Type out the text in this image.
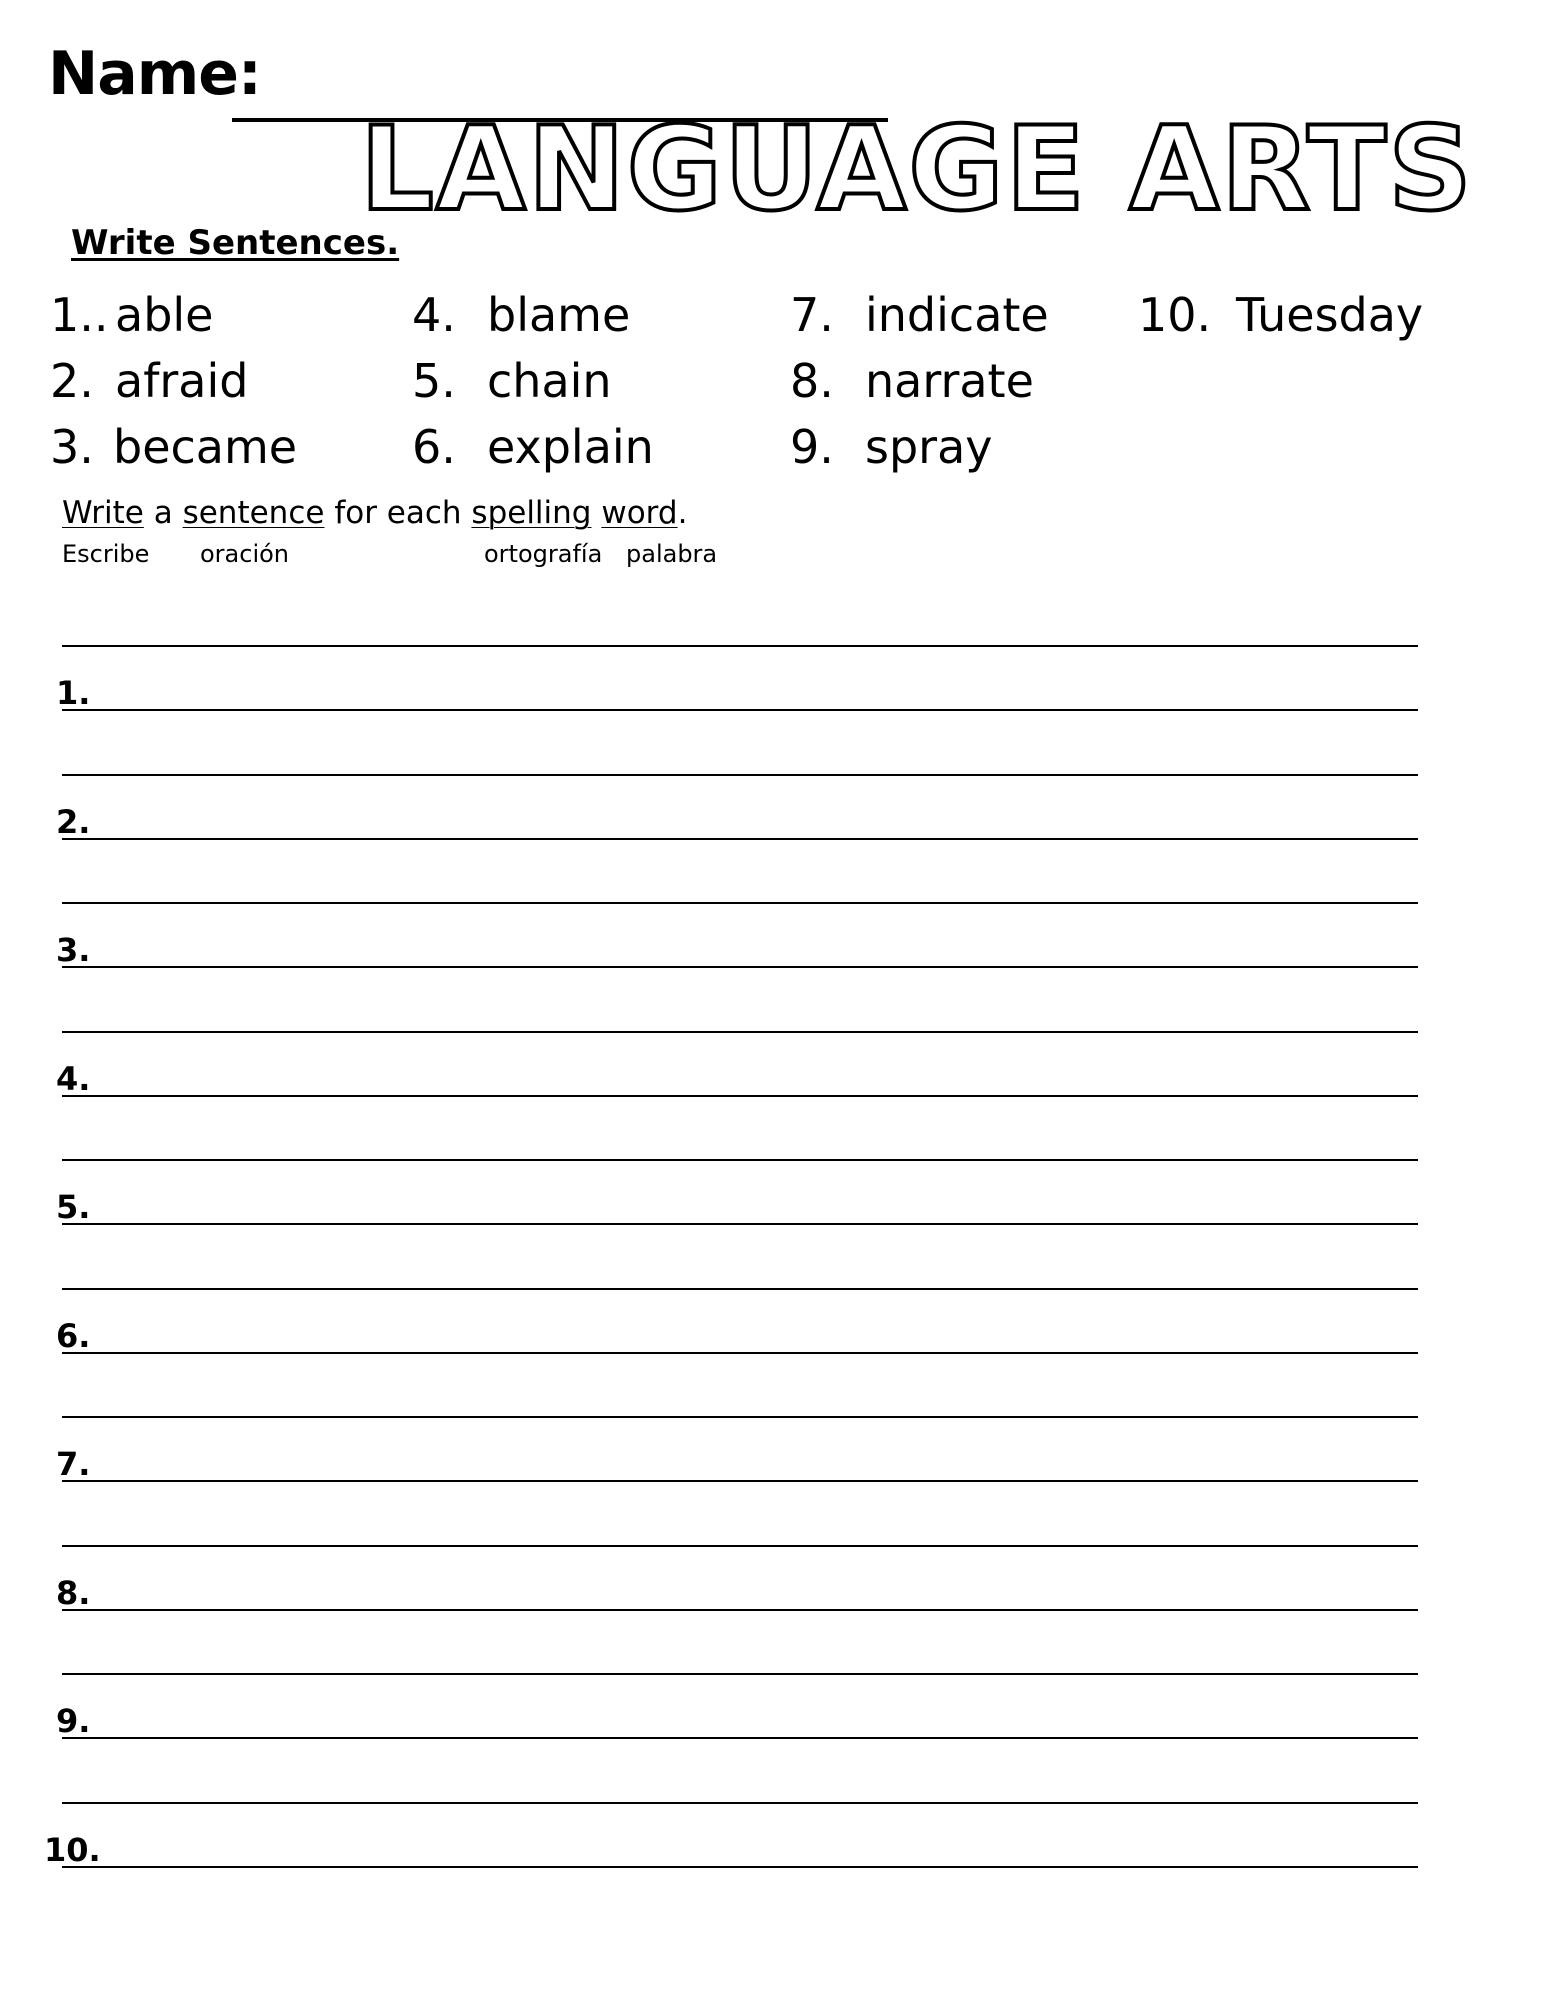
Name:
LANGUAGE ARTS
Write Sentences.
1.. able
2. afraid
3. became
4. blame
5. chain
6. explain
7. indicate
8. narrate
9. spray
10. Tuesday
Write a sentence for each spelling word.
Escribe oración	ortografía palabra
1.
2.
3.
4.
5.
6.
7.
8.
9.
10.
